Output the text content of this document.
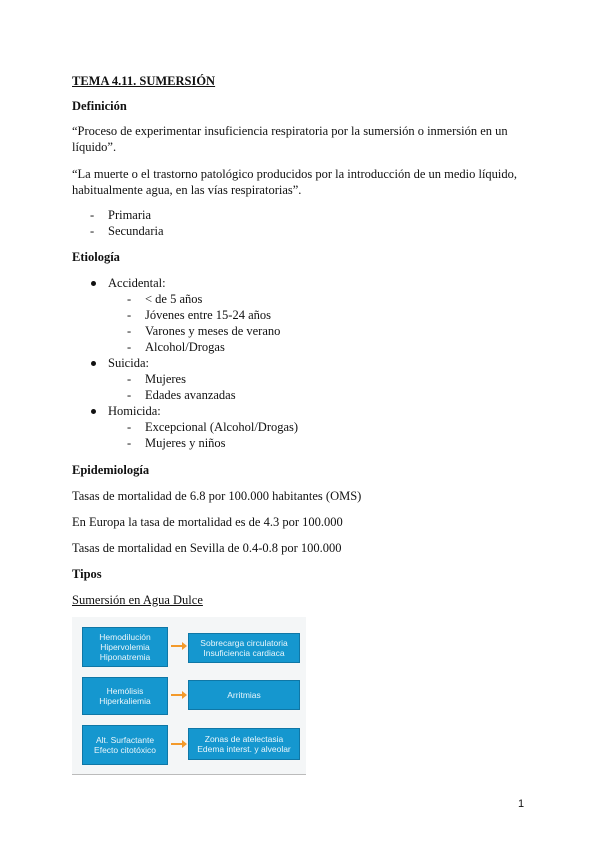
TEMA 4.11. SUMERSIÓN
Definición
“Proceso de experimentar insuficiencia respiratoria por la sumersión o inmersión en un
líquido”.
“La muerte o el trastorno patológico producidos por la introducción de un medio líquido,
habitualmente agua, en las vías respiratorias”.
- Primaria
- Secundaria
Etiología
Accidental:
- < de 5 años
- Jóvenes entre 15-24 años
- Varones y meses de verano
- Alcohol/Drogas
Suicida:
- Mujeres
- Edades avanzadas
Homicida:
- Excepcional (Alcohol/Drogas)
- Mujeres y niños
Epidemiología
Tasas de mortalidad de 6.8 por 100.000 habitantes (OMS)
En Europa la tasa de mortalidad es de 4.3 por 100.000
Tasas de mortalidad en Sevilla de 0.4-0.8 por 100.000
Tipos
Sumersión en Agua Dulce
Hemodilución
Hipervolemia
Hiponatremia
Sobrecarga circulatoria
Insuficiencia cardiaca
Hemólisis
Hiperkaliemia
Arritmias
Alt. Surfactante
Efecto citotóxico
Zonas de atelectasia
Edema interst. y alveolar
1
